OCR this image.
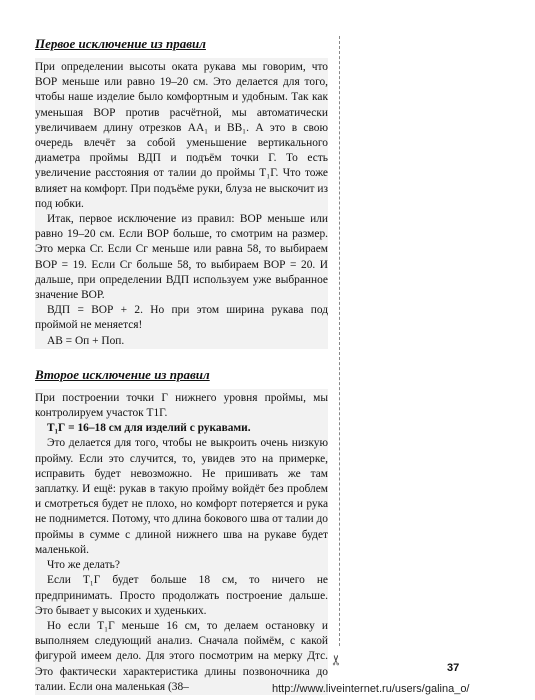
Первое исключение из правил

При определении высоты оката рукава мы говорим, что ВОР меньше или равно 19–20 см. Это делается для того, чтобы наше изделие было комфортным и удобным. Так как уменьшая ВОР против расчётной, мы автоматически увеличиваем длину отрезков АА₁ и ВВ₁. А это в свою очередь влечёт за собой уменьшение вертикального диаметра проймы ВДП и подъём точки Г. То есть увеличение расстояния от талии до проймы Т₁Г. Что тоже влияет на комфорт. При подъёме руки, блуза не выскочит из под юбки.

Итак, первое исключение из правил: ВОР меньше или равно 19–20 см. Если ВОР больше, то смотрим на размер. Это мерка Сг. Если Сг меньше или равна 58, то выбираем ВОР = 19. Если Сг больше 58, то выбираем ВОР = 20. И дальше, при определении ВДП используем уже выбранное значение ВОР.

ВДП = ВОР + 2. Но при этом ширина рукава под проймой не меняется!

АВ = Оп + Поп.

Второе исключение из правил

При построении точки Г нижнего уровня проймы, мы контролируем участок Т1Г.

Т₁Г = 16–18 см для изделий с рукавами.

Это делается для того, чтобы не выкроить очень низкую пройму. Если это случится, то, увидев это на примерке, исправить будет невозможно. Не пришивать же там заплатку. И ещё: рукав в такую пройму войдёт без проблем и смотреться будет не плохо, но комфорт потеряется и рука не поднимется. Потому, что длина бокового шва от талии до проймы в сумме с длиной нижнего шва на рукаве будет маленькой.

Что же делать?

Если Т₁Г будет больше 18 см, то ничего не предпринимать. Просто продолжать построение дальше. Это бывает у высоких и худеньких.

Но если Т₁Г меньше 16 см, то делаем остановку и выполняем следующий анализ. Сначала поймём, с какой фигурой имеем дело. Для этого посмотрим на мерку Дтс. Это фактически характеристика длины позвоночника до талии. Если она маленькая (38–

✂
37
http://www.liveinternet.ru/users/galina_o/
